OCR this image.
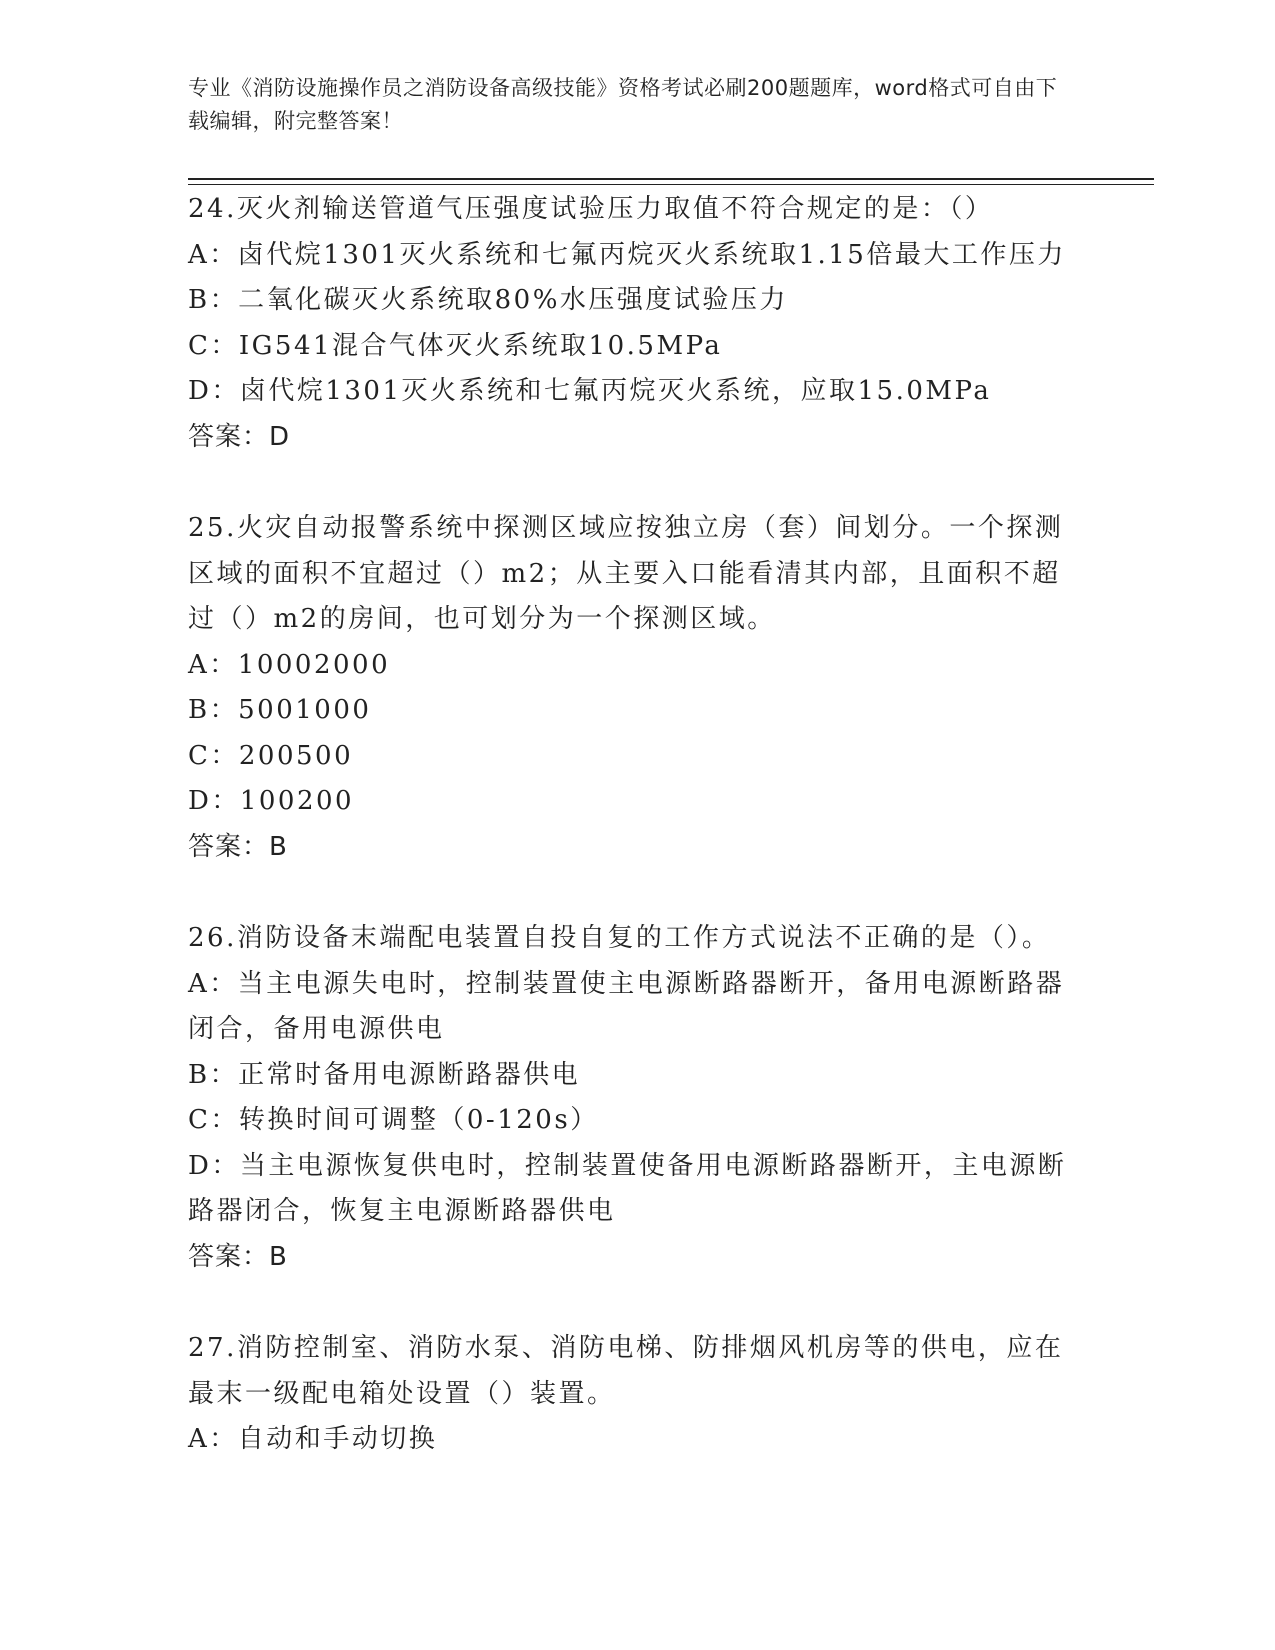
专业《消防设施操作员之消防设备高级技能》资格考试必刷200题题库，word格式可自由下载编辑，附完整答案！

24.灭火剂输送管道气压强度试验压力取值不符合规定的是：（）

A：卤代烷1301灭火系统和七氟丙烷灭火系统取1.15倍最大工作压力

B：二氧化碳灭火系统取80%水压强度试验压力

C：IG541混合气体灭火系统取10.5MPa

D：卤代烷1301灭火系统和七氟丙烷灭火系统，应取15.0MPa

答案：D

25.火灾自动报警系统中探测区域应按独立房（套）间划分。一个探测区域的面积不宜超过（）m2；从主要入口能看清其内部，且面积不超过（）m2的房间，也可划分为一个探测区域。

A：10002000

B：5001000

C：200500

D：100200

答案：B

26.消防设备末端配电装置自投自复的工作方式说法不正确的是（）。

A：当主电源失电时，控制装置使主电源断路器断开，备用电源断路器闭合，备用电源供电

B：正常时备用电源断路器供电

C：转换时间可调整（0-120s）

D：当主电源恢复供电时，控制装置使备用电源断路器断开，主电源断路器闭合，恢复主电源断路器供电

答案：B

27.消防控制室、消防水泵、消防电梯、防排烟风机房等的供电，应在最末一级配电箱处设置（）装置。

A：自动和手动切换
